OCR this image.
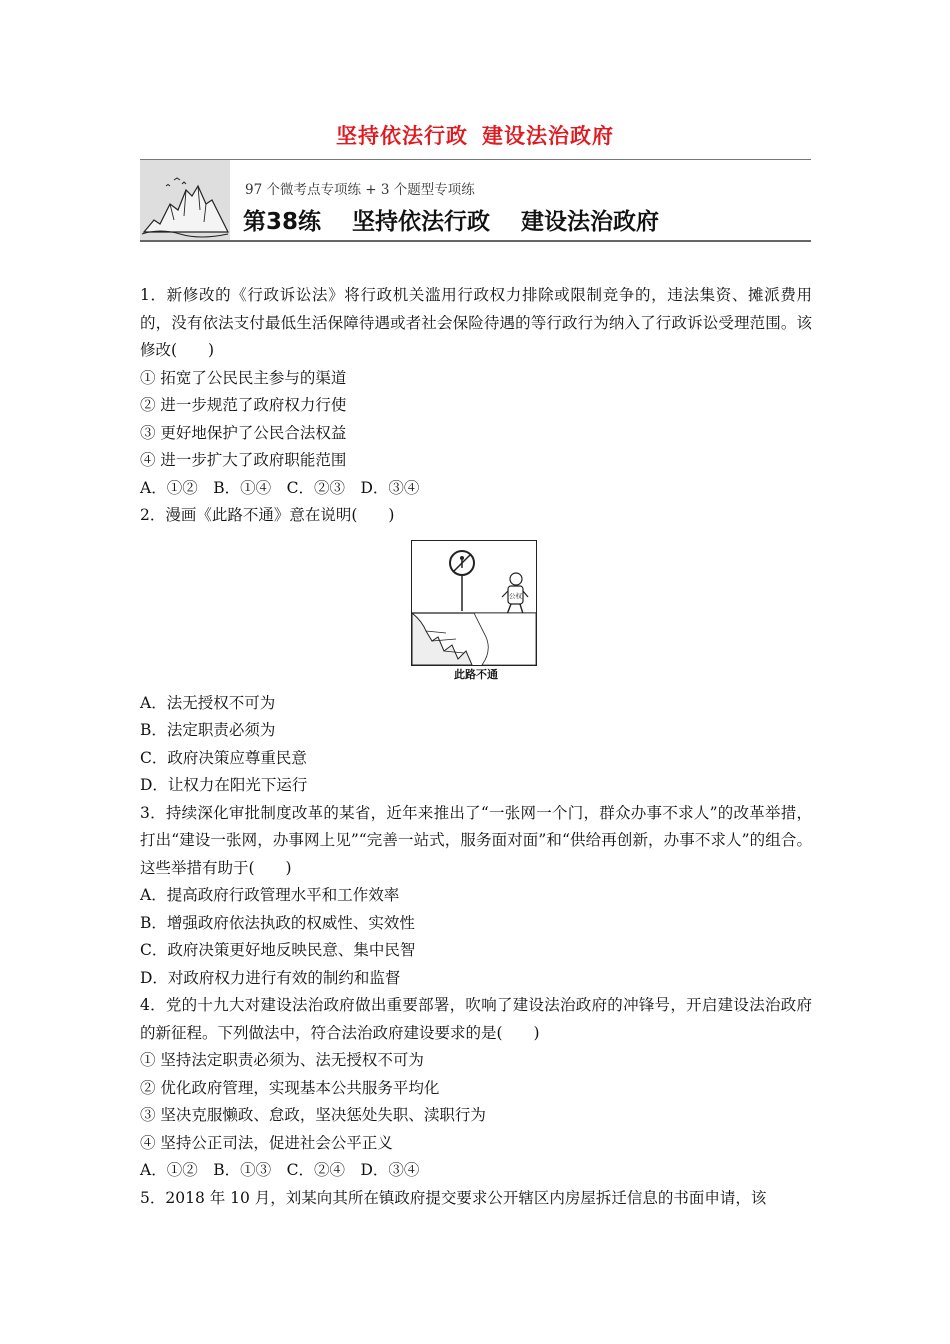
坚持依法行政 建设法治政府
97 个微考点专项练 + 3 个题型专项练
第38练　 坚持依法行政　 建设法治政府
1．新修改的《行政诉讼法》将行政机关滥用行政权力排除或限制竞争的，违法集资、摊派费用的，没有依法支付最低生活保障待遇或者社会保险待遇的等行政行为纳入了行政诉讼受理范围。该修改(　　)
① 拓宽了公民民主参与的渠道
② 进一步规范了政府权力行使
③ 更好地保护了公民合法权益
④ 进一步扩大了政府职能范围
A．①②　B．①④　C．②③　D．③④
2．漫画《此路不通》意在说明(　　)
公权
此路不通
A．法无授权不可为
B．法定职责必须为
C．政府决策应尊重民意
D．让权力在阳光下运行
3．持续深化审批制度改革的某省，近年来推出了“一张网一个门，群众办事不求人”的改革举措，打出“建设一张网，办事网上见”“完善一站式，服务面对面”和“供给再创新，办事不求人”的组合。这些举措有助于(　　)
A．提高政府行政管理水平和工作效率
B．增强政府依法执政的权威性、实效性
C．政府决策更好地反映民意、集中民智
D．对政府权力进行有效的制约和监督
4．党的十九大对建设法治政府做出重要部署，吹响了建设法治政府的冲锋号，开启建设法治政府的新征程。下列做法中，符合法治政府建设要求的是(　　)
① 坚持法定职责必须为、法无授权不可为
② 优化政府管理，实现基本公共服务平均化
③ 坚决克服懒政、怠政，坚决惩处失职、渎职行为
④ 坚持公正司法，促进社会公平正义
A．①②　B．①③　C．②④　D．③④
5．2018 年 10 月，刘某向其所在镇政府提交要求公开辖区内房屋拆迁信息的书面申请，该
